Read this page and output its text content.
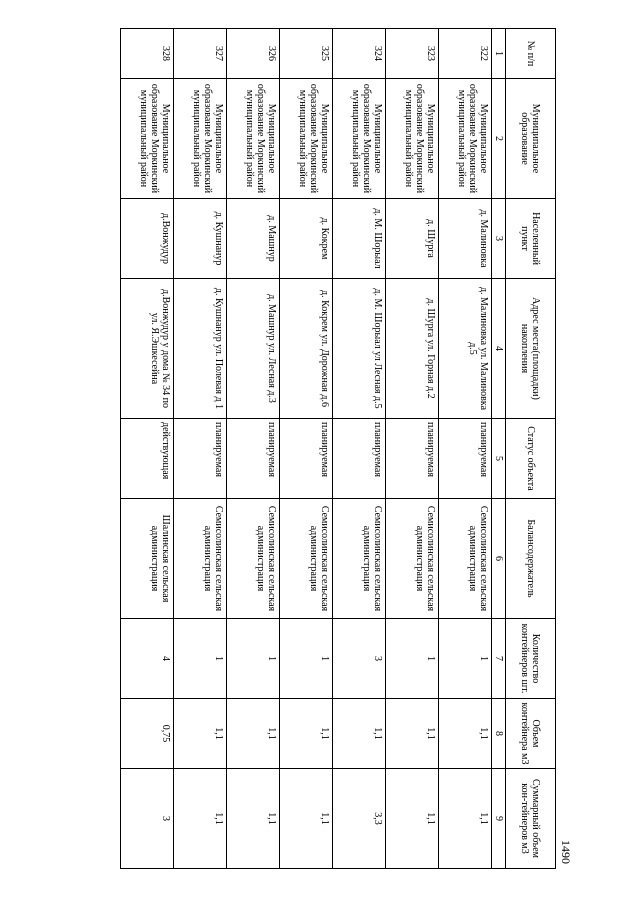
1490
№ п/п	Муниципальное образование	Населенный пункт	Адрес места(площадки) накопления	Статус объекта	Балансодержатель	Количество контейнеров шт.	Объем контейнера м3	Суммарный объем кон-тейнеров м3
1	2	3	4	5	6	7	8	9
322	Муниципальное образование Моркинский муниципальный район	д. Малиновка	д. Малиновка ул. Малиновка д.5	планируемая	Семисолинская сельская администрация	1	1,1	1,1
323	Муниципальное образование Моркинский муниципальный район	д. Шурга	д. Шурга ул. Горная д.2	планируемая	Семисолинская сельская администрация	1	1,1	1,1
324	Муниципальное образование Моркинский муниципальный район	д. М. Шорыал	д. М. Шорыал ул Лесная д.5	планируемая	Семисолинская сельская администрация	3	1,1	3,3
325	Муниципальное образование Моркинский муниципальный район	д. Кокрем	д. Кокрем ул. Дорожная д.6	планируемая	Семисолинская сельская администрация	1	1,1	1,1
326	Муниципальное образование Моркинский муниципальный район	д. Машнур	д. Машнур ул. Лесная д.3	планируемая	Семисолинская сельская администрация	1	1,1	1,1
327	Муниципальное образование Моркинский муниципальный район	д. Кушнанур	д. Кушнанур ул. Полевая д 1	планируемая	Семисолинская сельская администрация	1	1,1	1,1
328	Муниципальное образование Моркинский муниципальный район	д.Вонжудур	д.Вонжудур у дома № 34 по ул. Я.Эшкесейна	действующая	Шалинская сельская администрация	4	0,75	3
